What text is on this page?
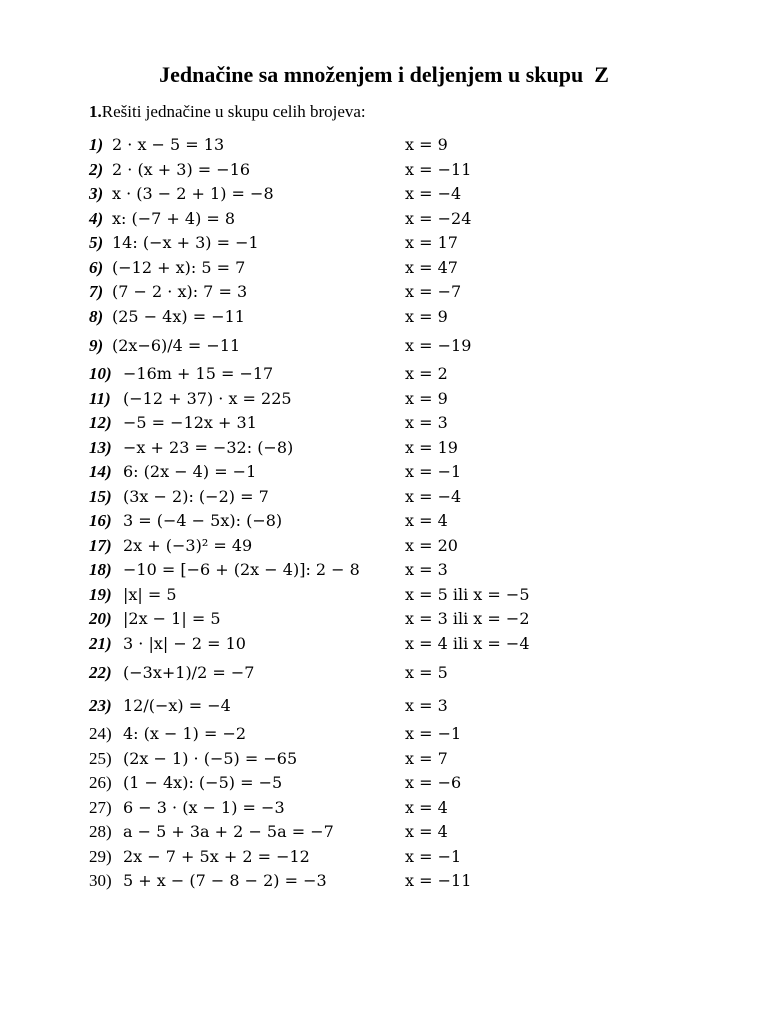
Jednačine sa množenjem i deljenjem u skupu  Z
1.Rešiti jednačine u skupu celih brojeva:
1) 2 · x − 5 = 13	x = 9
2) 2 · (x + 3) = −16	x = −11
3) x · (3 − 2 + 1) = −8	x = −4
4) x: (−7 + 4) = 8	x = −24
5) 14: (−x + 3) = −1	x = 17
6) (−12 + x): 5 = 7	x = 47
7) (7 − 2 · x): 7 = 3	x = −7
8) (25 − 4x) = −11	x = 9
9) (2x−6)/4 = −11	x = −19
10) −16m + 15 = −17	x = 2
11) (−12 + 37) · x = 225	x = 9
12) −5 = −12x + 31	x = 3
13) −x + 23 = −32: (−8)	x = 19
14) 6: (2x − 4) = −1	x = −1
15) (3x − 2): (−2) = 7	x = −4
16) 3 = (−4 − 5x): (−8)	x = 4
17) 2x + (−3)² = 49	x = 20
18) −10 = [−6 + (2x − 4)]: 2 − 8	x = 3
19) |x| = 5	x = 5 ili x = −5
20) |2x − 1| = 5	x = 3 ili x = −2
21) 3 · |x| − 2 = 10	x = 4 ili x = −4
22) (−3x+1)/2 = −7	x = 5
23) 12/(−x) = −4	x = 3
24) 4: (x − 1) = −2	x = −1
25) (2x − 1) · (−5) = −65	x = 7
26) (1 − 4x): (−5) = −5	x = −6
27) 6 − 3 · (x − 1) = −3	x = 4
28) a − 5 + 3a + 2 − 5a = −7	x = 4
29) 2x − 7 + 5x + 2 = −12	x = −1
30) 5 + x − (7 − 8 − 2) = −3	x = −11
